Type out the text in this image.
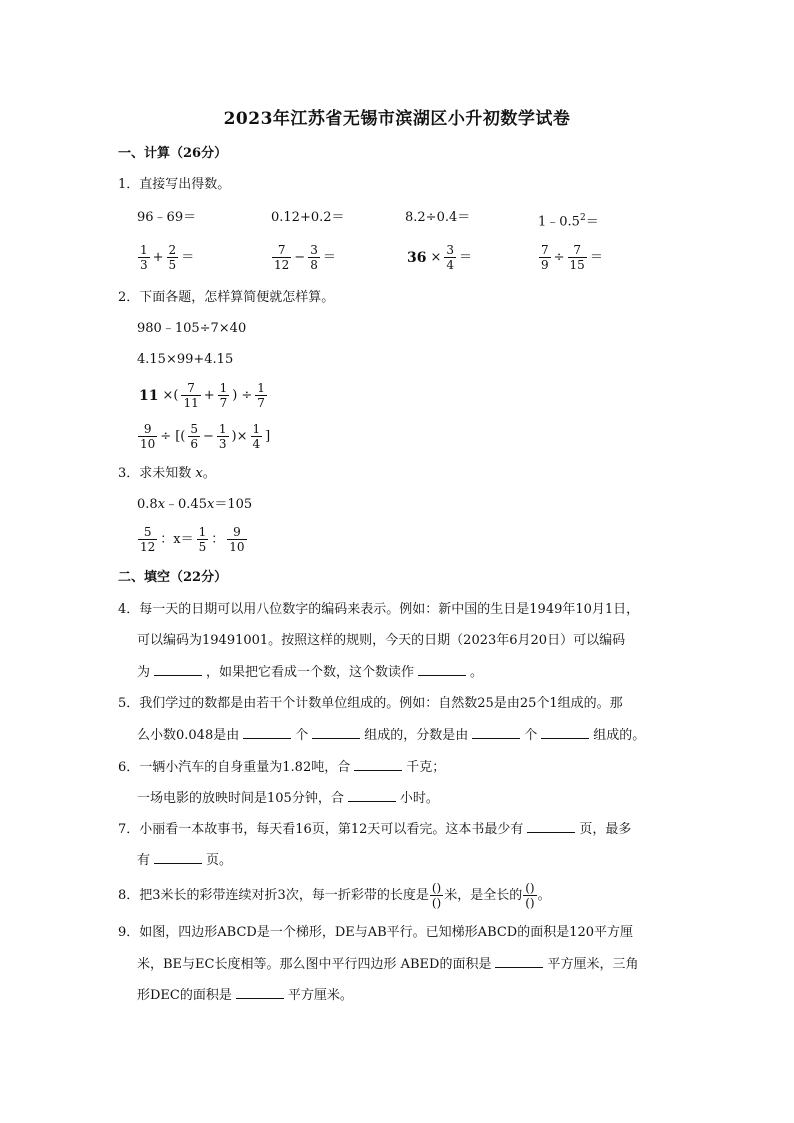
2023年江苏省无锡市滨湖区小升初数学试卷
一、计算（26分）
1．直接写出得数。
96﹣69＝	0.12+0.2＝	8.2÷0.4＝	$1﹣0.5^2=$
$\frac{1}{3} + \frac{2}{5}$ ＝	$\frac{7}{12} - \frac{3}{8}$ ＝	$36 \times \frac{3}{4}$ ＝	$\frac{7}{9} \div \frac{7}{15}$ ＝
2．下面各题，怎样算简便就怎样算。
980﹣105÷7×40
4.15×99+4.15
11 ×( $\frac{7}{11} + \frac{1}{7}$ ) ÷ $\frac{1}{7}$
$\frac{9}{10}$ ÷ [( $\frac{5}{6} - \frac{1}{3}$ )× $\frac{1}{4}$ ]
3．求未知数 x。
0.8x﹣0.45x＝105
$\frac{5}{12}$ ：$x= \frac{1}{5}$ ： $\frac{9}{10}$
二、填空（22分）
4．每一天的日期可以用八位数字的编码来表示。例如：新中国的生日是1949年10月1日，
可以编码为19491001。按照这样的规则，今天的日期（2023年6月20日）可以编码
为	，如果把它看成一个数，这个数读作	。
5．我们学过的数都是由若干个计数单位组成的。例如：自然数25是由25个1组成的。那
么小数0.048是由	个	组成的，分数是由	个	组成的。
6．一辆小汽车的自身重量为1.82吨，合	千克；
一场电影的放映时间是105分钟，合	小时。
7．小丽看一本故事书，每天看16页，第12天可以看完。这本书最少有	页，最多
有	页。
8．把3米长的彩带连续对折3次，每一折彩带的长度是 $\frac{()}{()}$ 米，是全长的 $\frac{()}{()}$ 。
9．如图，四边形ABCD是一个梯形，DE与AB平行。已知梯形ABCD的面积是120平方厘
米，BE与EC长度相等。那么图中平行四边形 ABED的面积是	平方厘米，三角
形DEC的面积是	平方厘米。
